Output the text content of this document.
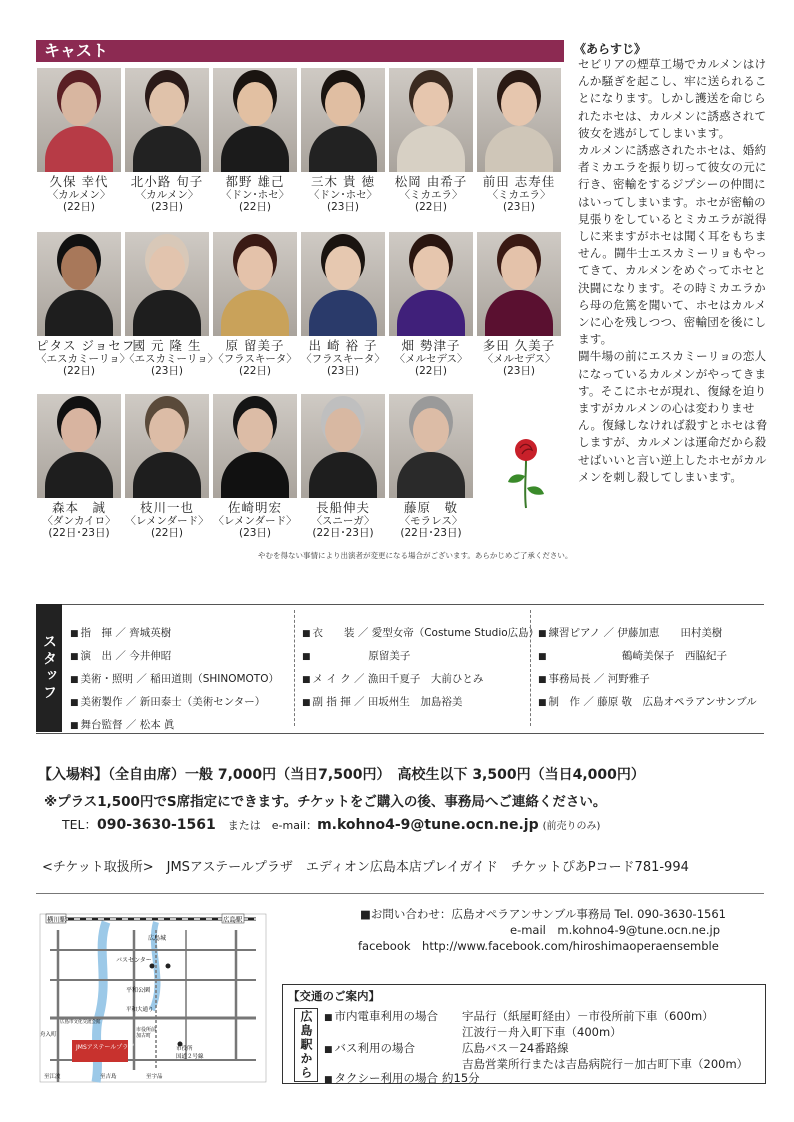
キャスト
久保 幸代
〈カルメン〉
(22日)
北小路 旬子
〈カルメン〉
(23日)
都野 雄己
〈ドン･ホセ〉
(22日)
三木 貴 徳
〈ドン･ホセ〉
(23日)
松岡 由希子
〈ミカエラ〉
(22日)
前田 志寿佳
〈ミカエラ〉
(23日)
ピタス ジョセフ
〈エスカミーリョ〉
(22日)
國 元 隆 生
〈エスカミーリョ〉
(23日)
原 留美子
〈フラスキータ〉
(22日)
出 崎 裕 子
〈フラスキータ〉
(23日)
畑 勢津子
〈メルセデス〉
(22日)
多田 久美子
〈メルセデス〉
(23日)
森本　誠
〈ダンカイロ〉
(22日･23日)
枝川一也
〈レメンダード〉
(22日)
佐崎明宏
〈レメンダード〉
(23日)
長船伸夫
〈スニーガ〉
(22日･23日)
藤原　敬
〈モラレス〉
(22日･23日)
やむを得ない事情により出演者が変更になる場合がございます。あらかじめご了承ください。
《あらすじ》

セビリアの煙草工場でカルメンはけんか騒ぎを起こし、牢に送られることになります。しかし護送を命じられたホセは、カルメンに誘惑されて彼女を逃がしてしまいます。

カルメンに誘惑されたホセは、婚約者ミカエラを振り切って彼女の元に行き、密輸をするジプシーの仲間にはいってしまいます。ホセが密輸の見張りをしているとミカエラが説得しに来ますがホセは聞く耳をもちません。闘牛士エスカミーリョもやってきて、カルメンをめぐってホセと決闘になります。その時ミカエラから母の危篤を聞いて、ホセはカルメンに心を残しつつ、密輸団を後にします。

闘牛場の前にエスカミーリョの恋人になっているカルメンがやってきます。そこにホセが現れ、復縁を迫りますがカルメンの心は変わりません。復縁しなければ殺すとホセは脅しますが、カルメンは運命だから殺せばいいと言い逆上したホセがカルメンを刺し殺してしまいます。

スタッフ
■ 指　揮 ／ 齊城英樹
■ 演　出 ／ 今井伸昭
■ 美術・照明 ／ 稲田道則（SHINOMOTO）
■ 美術製作 ／ 新田泰士（美術センター）
■ 舞台監督 ／ 松本 眞
■ 衣　　装 ／ 愛型女帝（Costume Studio広島）
■ 　　　　　 原留美子
■ メ イ ク ／ 漁田千夏子　大前ひとみ
■ 副 指 揮 ／ 田坂州生　加島裕美
■ 練習ピアノ ／ 伊藤加恵　　田村美樹
■ 　　　　　　　鶴崎美保子　西脇紀子
■ 事務局長 ／ 河野雅子
■ 制　作 ／ 藤原 敬　広島オペラアンサンブル
【入場料】（全自由席）一般 7,000円（当日7,500円）　高校生以下 3,500円（当日4,000円）
※プラス1,500円でS席指定にできます。チケットをご購入の後、事務局へご連絡ください。
TEL：090-3630-1561 または　e-mail：m.kohno4-9@tune.ocn.ne.jp (前売りのみ)
<チケット取扱所>　JMSアステールプラザ　エディオン広島本店プレイガイド　チケットぴあPコード781-994
■お問い合わせ：広島オペラアンサンブル事務局 Tel. 090-3630-1561
e-mail　m.kohno4-9@tune.ocn.ne.jp
facebook　http://www.facebook.com/hiroshimaoperaensemble
【交通のご案内】
広島駅から
■	市内電車利用の場合 宇品行（紙屋町経由）－市役所前下車（600m）
江波行－舟入町下車（400m）
■ バス利用の場合	広島バス－24番路線
吉島営業所行または吉島病院行－加古町下車（200m）
■ タクシー利用の場合 約15分
横川駅	広島駅
広島城
バスセンター
平和公園
平和大通り
舟入町
広島市文化交流会館
JMSアステールプラザ	市役所
国道２号線
至江波	至吉島	至宇品
加古町
市役所前
